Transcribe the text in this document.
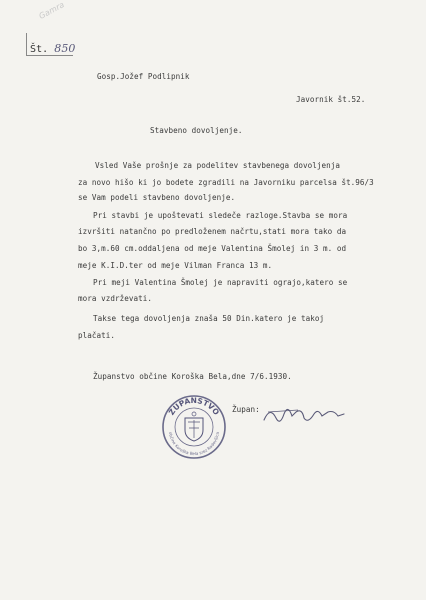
Gamra
Št. 850
Gosp.Jožef Podlipnik
Javornik št.52.
Stavbeno dovoljenje.
Vsled Vaše prošnje za podelitev stavbenega dovoljenja
za novo hišo ki jo bodete zgradili na Javorniku parcelsa št.96/3
se Vam podeli stavbeno dovoljenje.
Pri stavbi je upoštevati sledeče razloge.Stavba se mora
izvršiti natančno po predloženem načrtu,stati mora tako da
bo 3,m.60 cm.oddaljena od meje Valentina Šmolej in 3 m. od
meje K.I.D.ter od meje Vilman Franca 13 m.
Pri meji Valentina Šmolej je napraviti ograjo,katero se
mora vzdrževati.
Takse tega dovoljenja znaša 50 Din.katero je takoj
plačati.
Županstvo občine Koroška Bela,dne 7/6.1930.
ŽUPANSTVO
občine Koroška Bela srez Radovljica
Župan:
